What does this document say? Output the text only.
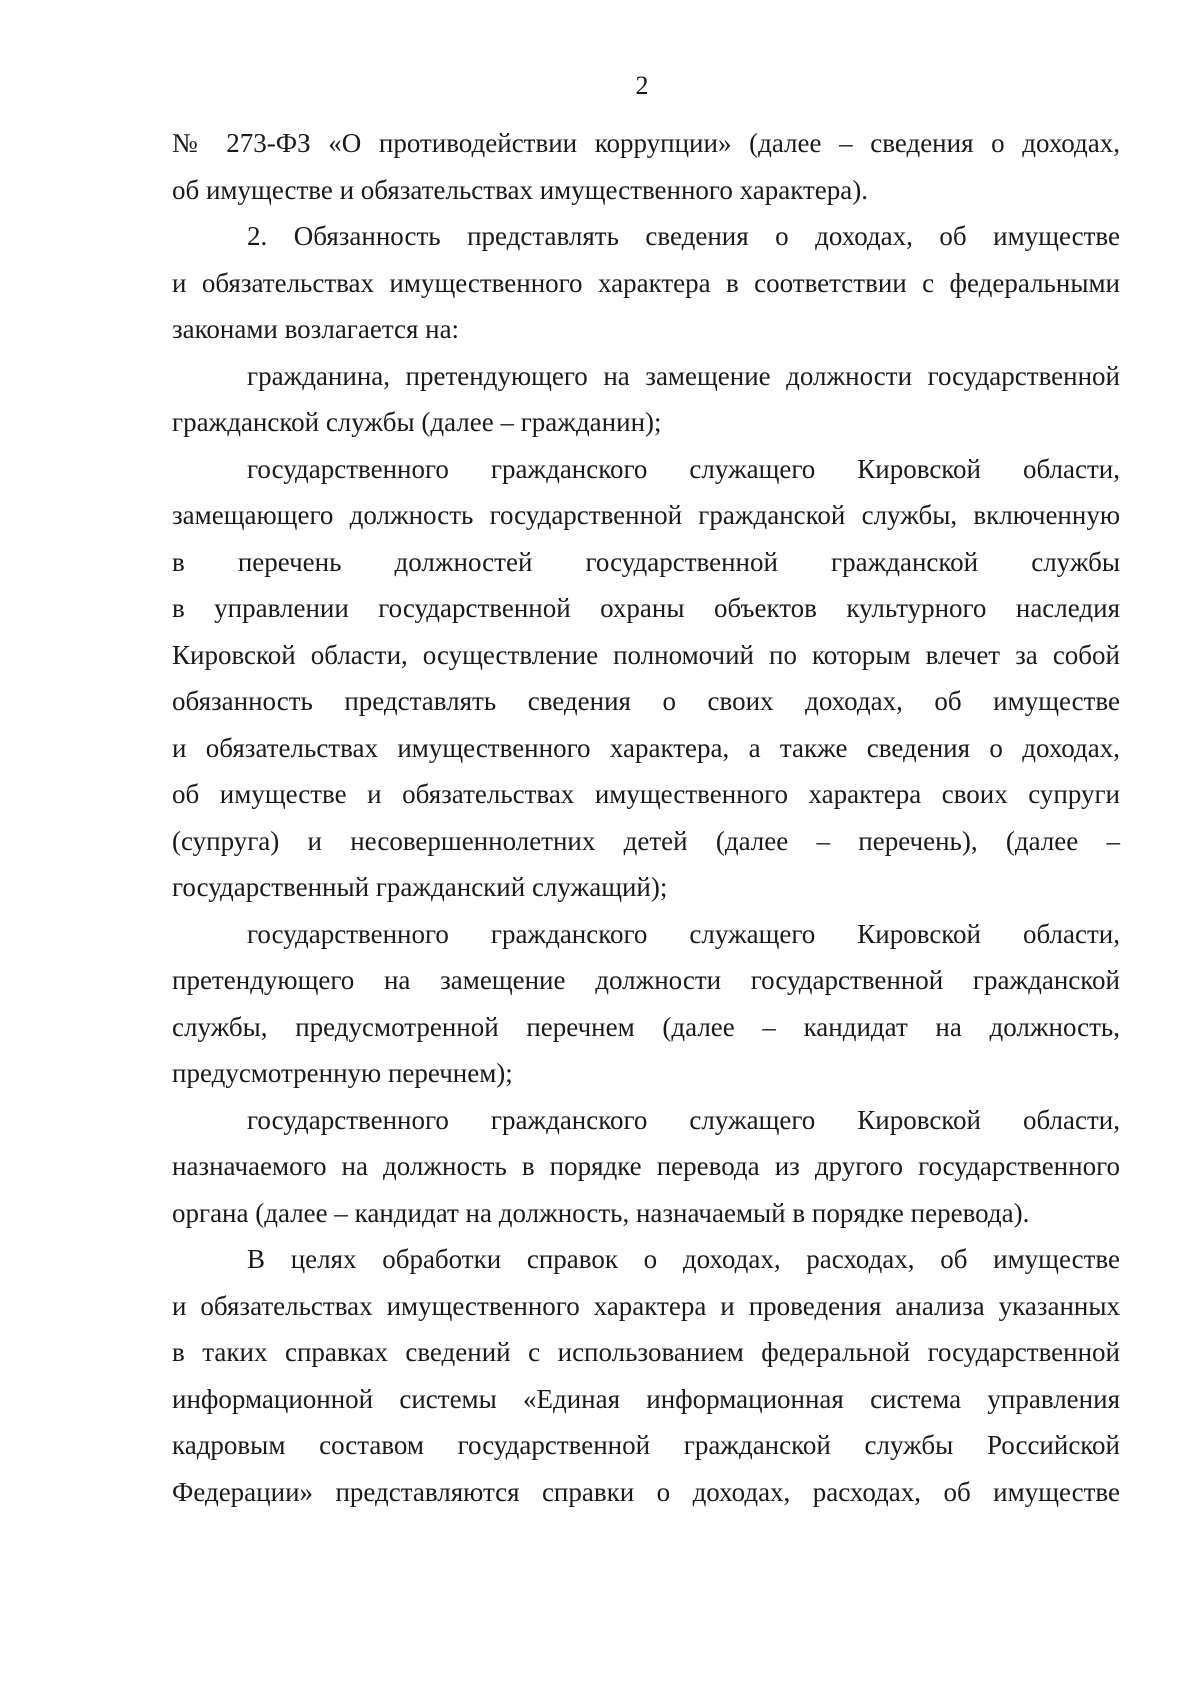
2
№ 273-ФЗ «О противодействии коррупции» (далее – сведения о доходах,
об имуществе и обязательствах имущественного характера).
2. Обязанность представлять сведения о доходах, об имуществе
и обязательствах имущественного характера в соответствии с федеральными
законами возлагается на:
гражданина, претендующего на замещение должности государственной
гражданской службы (далее – гражданин);
государственного гражданского служащего Кировской области,
замещающего должность государственной гражданской службы, включенную
в перечень должностей государственной гражданской службы
в управлении государственной охраны объектов культурного наследия
Кировской области, осуществление полномочий по которым влечет за собой
обязанность представлять сведения о своих доходах, об имуществе
и обязательствах имущественного характера, а также сведения о доходах,
об имуществе и обязательствах имущественного характера своих супруги
(супруга) и несовершеннолетних детей (далее – перечень), (далее –
государственный гражданский служащий);
государственного гражданского служащего Кировской области,
претендующего на замещение должности государственной гражданской
службы, предусмотренной перечнем (далее – кандидат на должность,
предусмотренную перечнем);
государственного гражданского служащего Кировской области,
назначаемого на должность в порядке перевода из другого государственного
органа (далее – кандидат на должность, назначаемый в порядке перевода).
В целях обработки справок о доходах, расходах, об имуществе
и обязательствах имущественного характера и проведения анализа указанных
в таких справках сведений с использованием федеральной государственной
информационной системы «Единая информационная система управления
кадровым составом государственной гражданской службы Российской
Федерации» представляются справки о доходах, расходах, об имуществе
